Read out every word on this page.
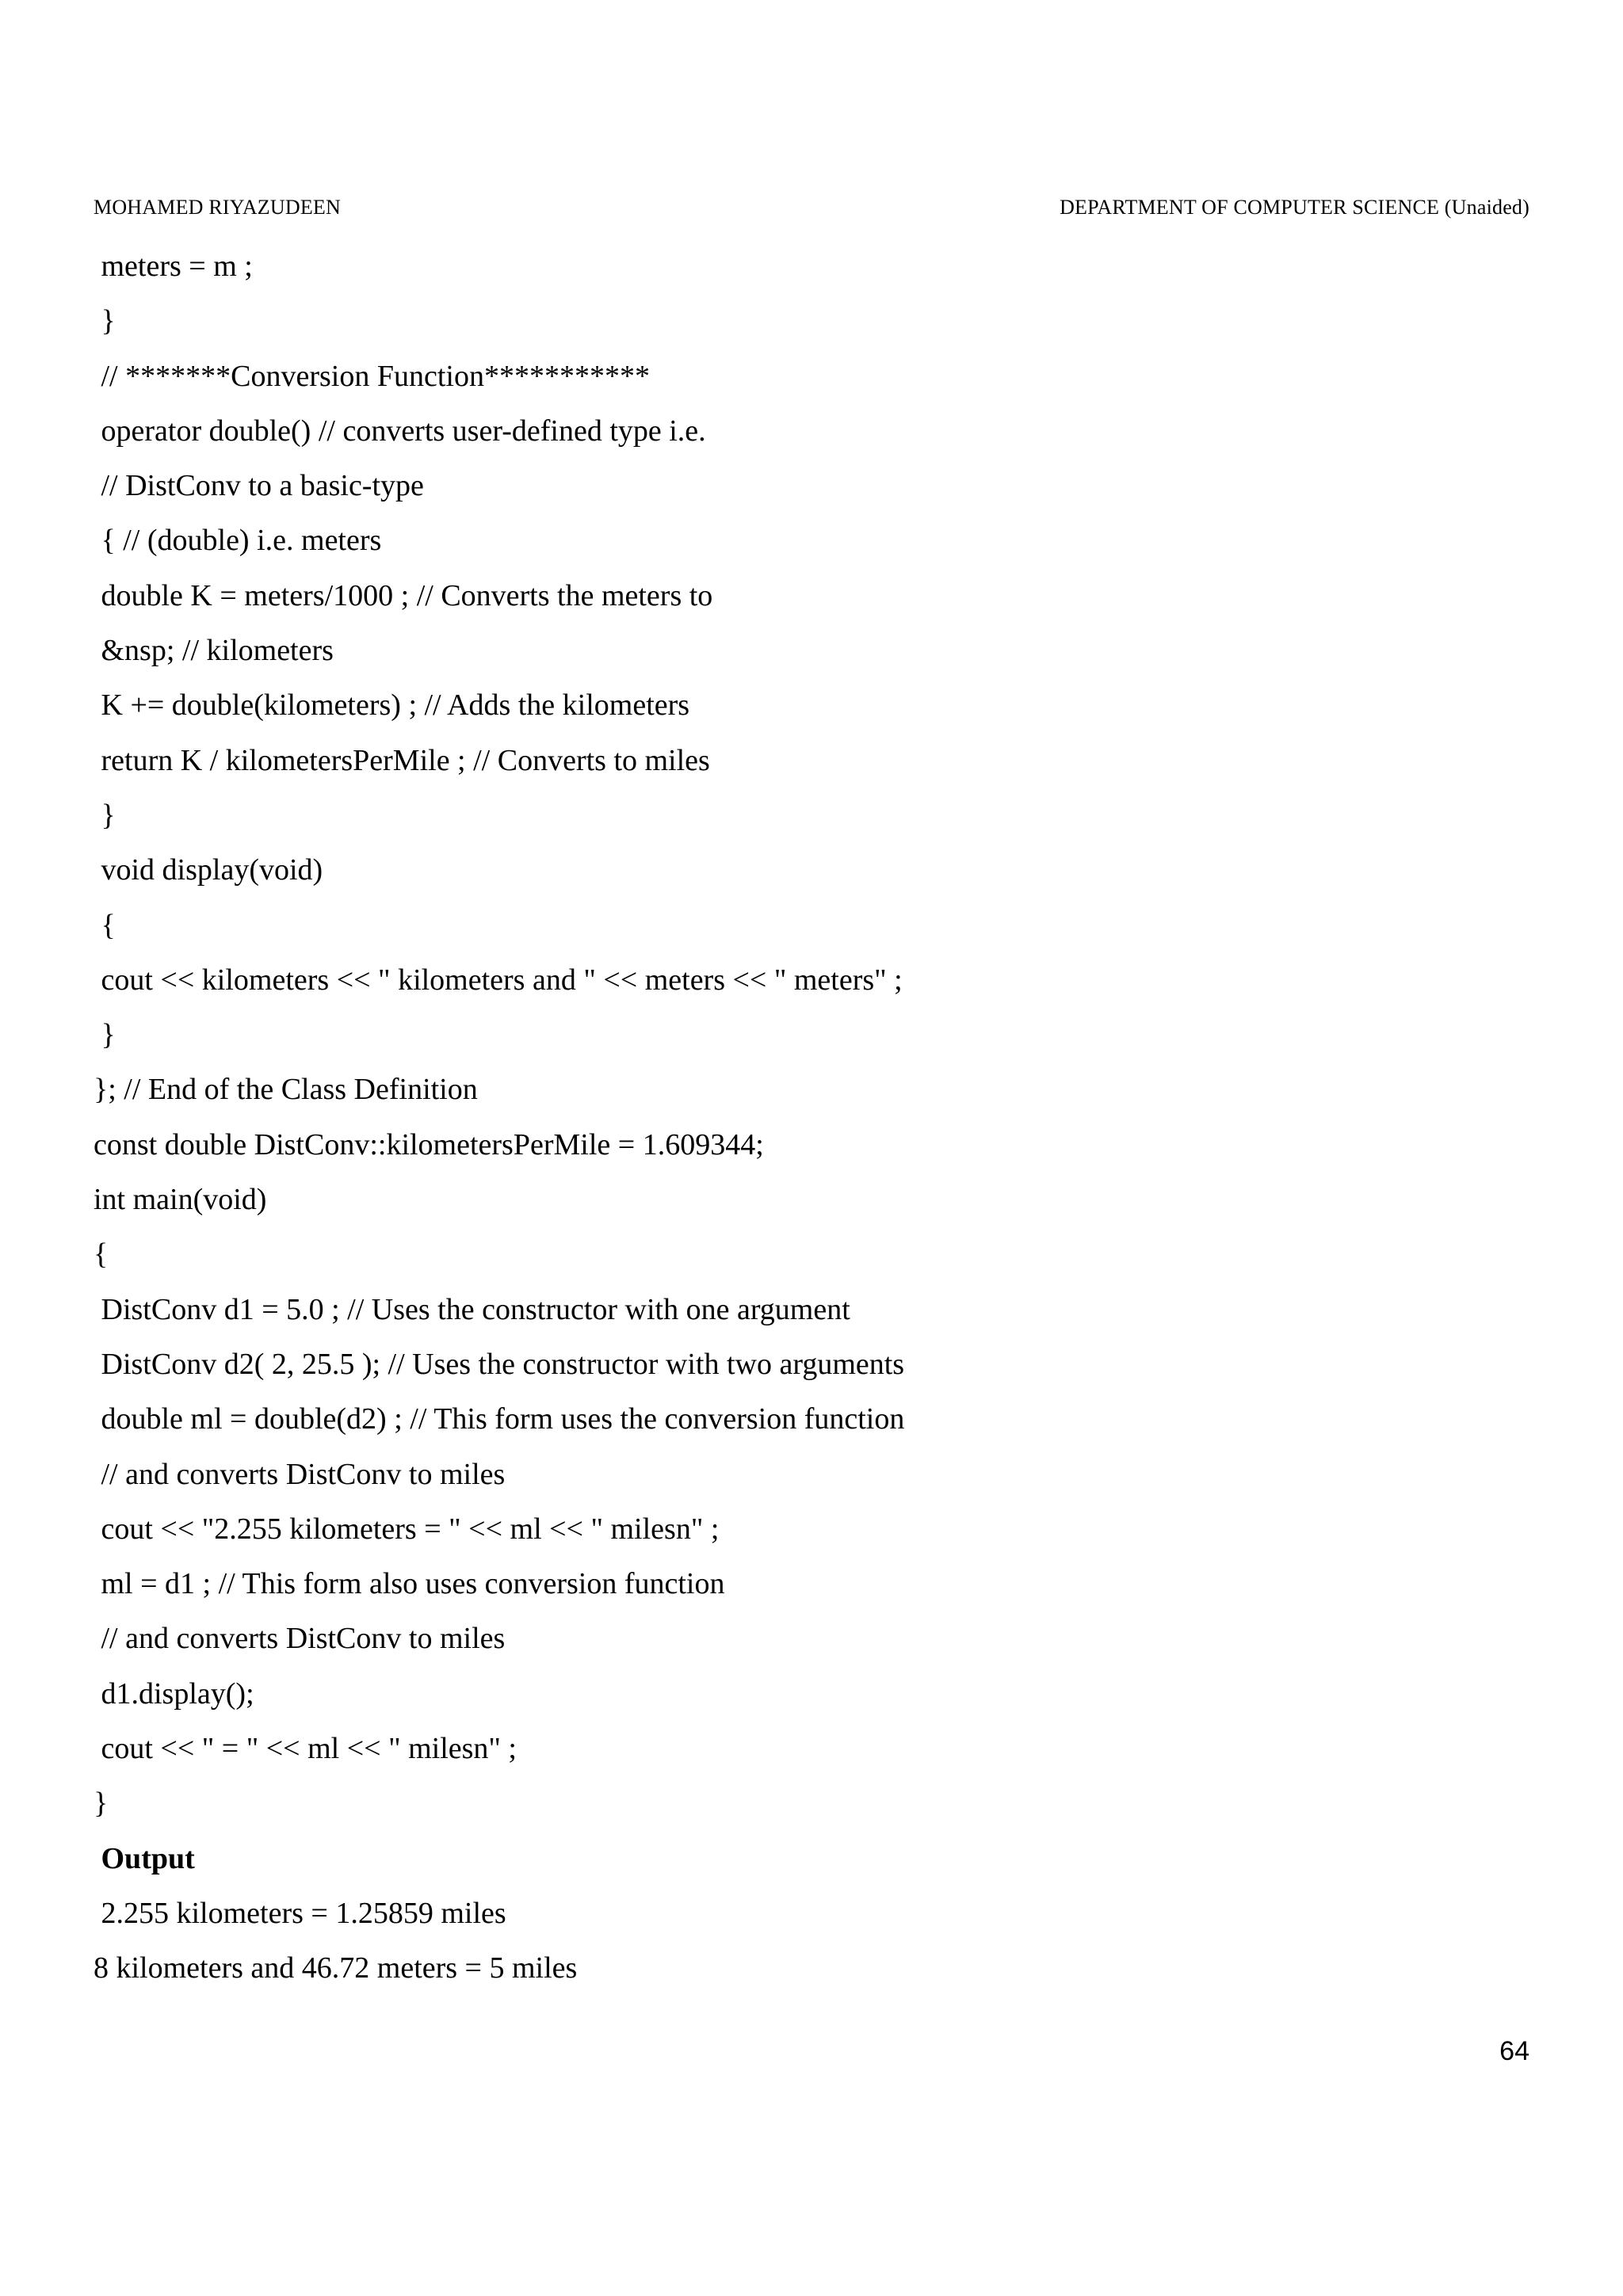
MOHAMED RIYAZUDEEN	DEPARTMENT OF COMPUTER SCIENCE (Unaided)
meters = m ;
}
// *******Conversion Function***********
operator double() // converts user-defined type i.e.
// DistConv to a basic-type
{ // (double) i.e. meters
double K = meters/1000 ; // Converts the meters to
&nsp; // kilometers
K += double(kilometers) ; // Adds the kilometers
return K / kilometersPerMile ; // Converts to miles
}
void display(void)
{
cout << kilometers << " kilometers and " << meters << " meters" ;
}
}; // End of the Class Definition
const double DistConv::kilometersPerMile = 1.609344;
int main(void)
{
DistConv d1 = 5.0 ; // Uses the constructor with one argument
DistConv d2( 2, 25.5 ); // Uses the constructor with two arguments
double ml = double(d2) ; // This form uses the conversion function
// and converts DistConv to miles
cout << "2.255 kilometers = " << ml << " milesn" ;
ml = d1 ; // This form also uses conversion function
// and converts DistConv to miles
d1.display();
cout << " = " << ml << " milesn" ;
}
Output
2.255 kilometers = 1.25859 miles
8 kilometers and 46.72 meters = 5 miles
64
